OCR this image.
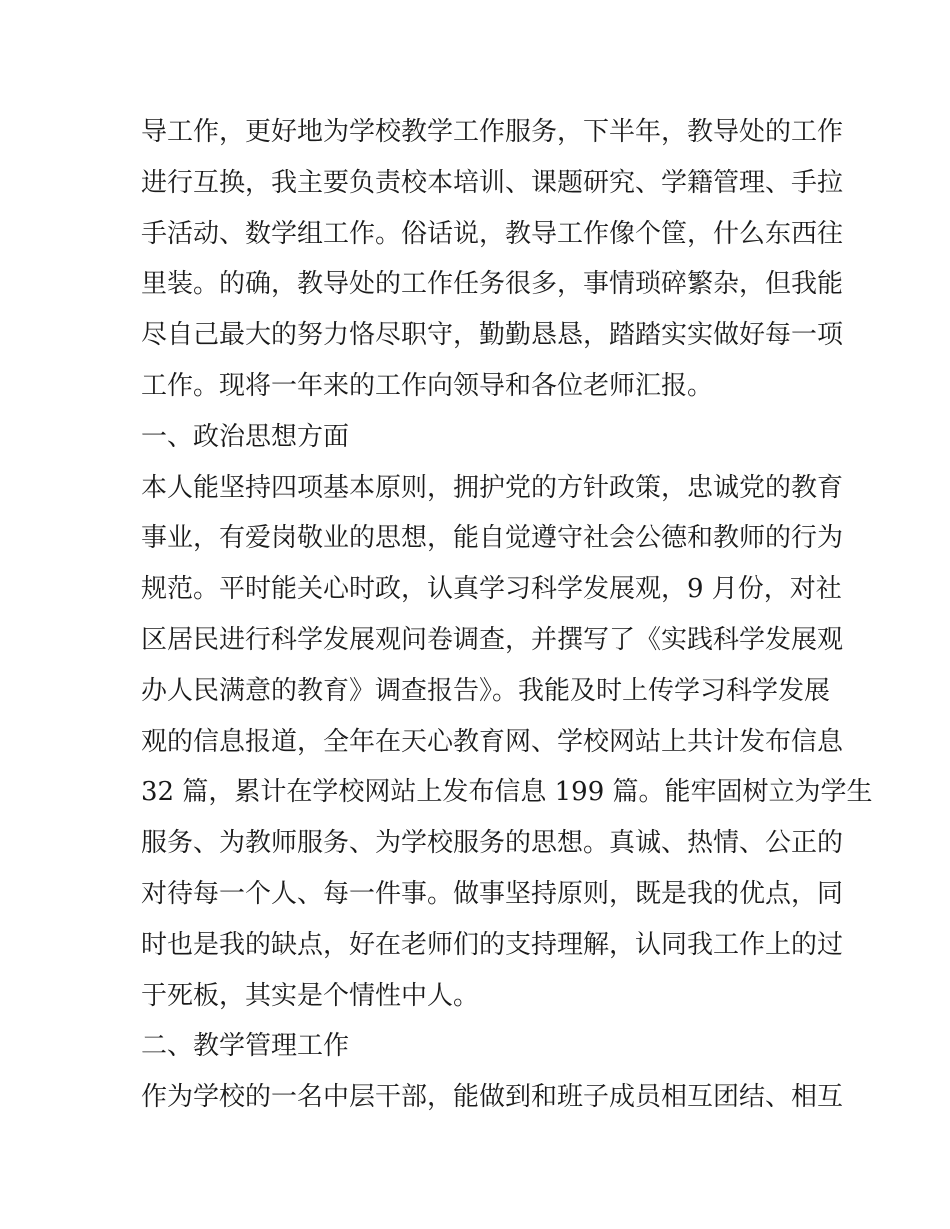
导工作，更好地为学校教学工作服务，下半年，教导处的工作
进行互换，我主要负责校本培训、课题研究、学籍管理、手拉
手活动、数学组工作。俗话说，教导工作像个筐，什么东西往
里装。的确，教导处的工作任务很多，事情琐碎繁杂，但我能
尽自己最大的努力恪尽职守，勤勤恳恳，踏踏实实做好每一项
工作。现将一年来的工作向领导和各位老师汇报。
一、政治思想方面
本人能坚持四项基本原则，拥护党的方针政策，忠诚党的教育
事业，有爱岗敬业的思想，能自觉遵守社会公德和教师的行为
规范。平时能关心时政，认真学习科学发展观，9 月份，对社
区居民进行科学发展观问卷调查，并撰写了《实践科学发展观
办人民满意的教育》调查报告》。我能及时上传学习科学发展
观的信息报道，全年在天心教育网、学校网站上共计发布信息
32 篇，累计在学校网站上发布信息 199 篇。能牢固树立为学生
服务、为教师服务、为学校服务的思想。真诚、热情、公正的
对待每一个人、每一件事。做事坚持原则，既是我的优点，同
时也是我的缺点，好在老师们的支持理解，认同我工作上的过
于死板，其实是个情性中人。
二、教学管理工作
作为学校的一名中层干部，能做到和班子成员相互团结、相互
